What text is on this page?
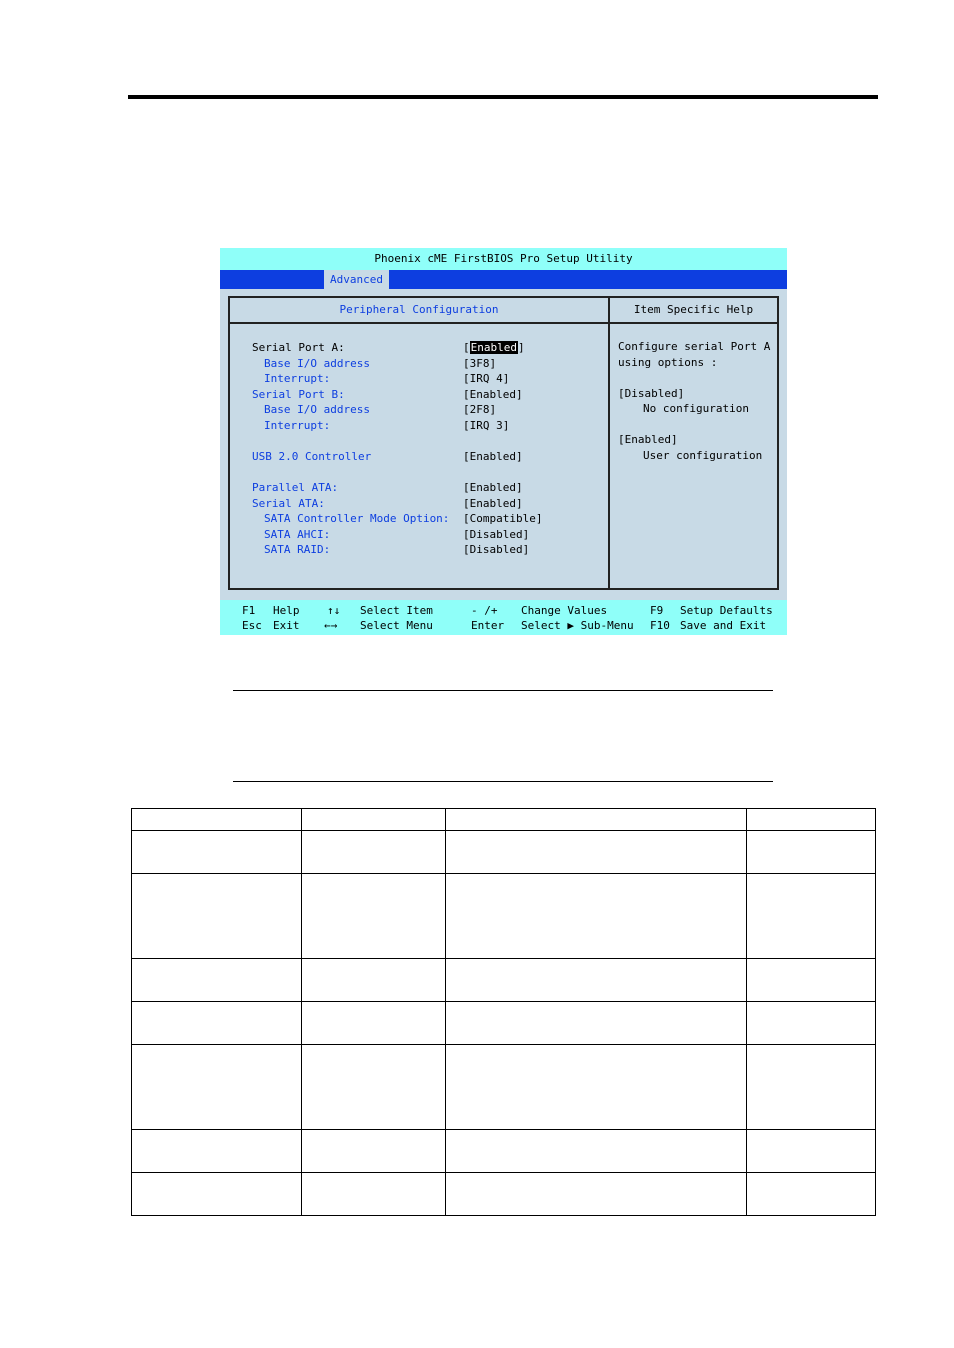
Phoenix cME FirstBIOS Pro Setup Utility
Advanced
Peripheral Configuration
Serial Port A:	[Enabled]
Base I/O address	[3F8]
Interrupt:	[IRQ 4]
Serial Port B:	[Enabled]
Base I/O address	[2F8]
Interrupt:	[IRQ 3]
USB 2.0 Controller	[Enabled]
Parallel ATA:	[Enabled]
Serial ATA:	[Enabled]
SATA Controller Mode Option: [Compatible]
SATA AHCI:	[Disabled]
SATA RAID:	[Disabled]
Item Specific Help
Configure serial Port A
using options :
[Disabled]
No configuration
[Enabled]
User configuration
F1 Help
Esc Exit
↑↓ Select Item
←→ Select Menu
- /+ Change Values
Enter Select ▶ Sub-Menu
F9 Setup Defaults
F10 Save and Exit
